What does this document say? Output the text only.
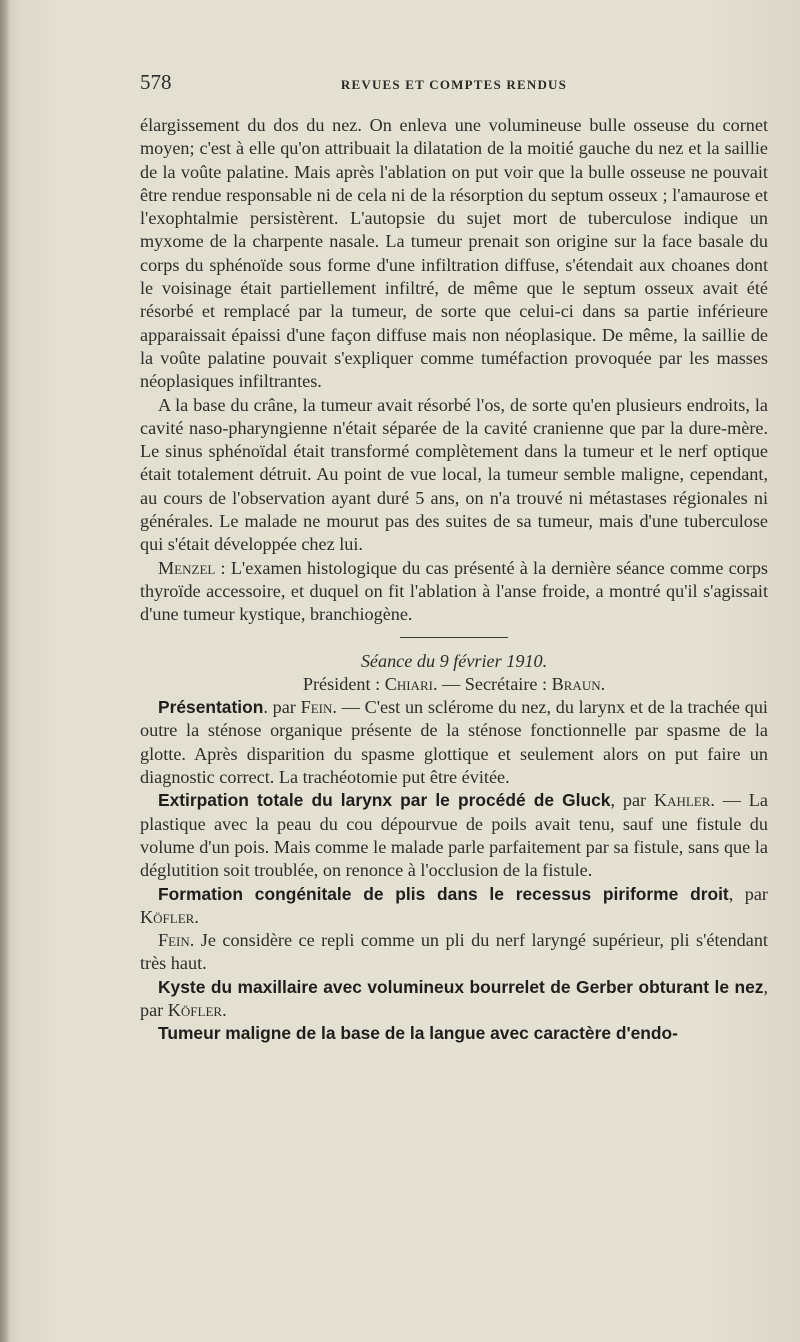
578	REVUES ET COMPTES RENDUS

élargissement du dos du nez. On enleva une volumineuse bulle osseuse du cornet moyen; c'est à elle qu'on attribuait la dilatation de la moitié gauche du nez et la saillie de la voûte palatine. Mais après l'ablation on put voir que la bulle osseuse ne pouvait être rendue responsable ni de cela ni de la résorption du septum osseux ; l'amaurose et l'exophtalmie persistèrent. L'autopsie du sujet mort de tuberculose indique un myxome de la charpente nasale. La tumeur prenait son origine sur la face basale du corps du sphénoïde sous forme d'une infiltration diffuse, s'étendait aux choanes dont le voisinage était partiellement infiltré, de même que le septum osseux avait été résorbé et remplacé par la tumeur, de sorte que celui-ci dans sa partie inférieure apparaissait épaissi d'une façon diffuse mais non néoplasique. De même, la saillie de la voûte palatine pouvait s'expliquer comme tuméfaction provoquée par les masses néoplasiques infiltrantes.

A la base du crâne, la tumeur avait résorbé l'os, de sorte qu'en plusieurs endroits, la cavité naso-pharyngienne n'était séparée de la cavité cranienne que par la dure-mère. Le sinus sphénoïdal était transformé complètement dans la tumeur et le nerf optique était totalement détruit. Au point de vue local, la tumeur semble maligne, cependant, au cours de l'observation ayant duré 5 ans, on n'a trouvé ni métastases régionales ni générales. Le malade ne mourut pas des suites de sa tumeur, mais d'une tuberculose qui s'était développée chez lui.

Menzel : L'examen histologique du cas présenté à la dernière séance comme corps thyroïde accessoire, et duquel on fit l'ablation à l'anse froide, a montré qu'il s'agissait d'une tumeur kystique, branchiogène.

Séance du 9 février 1910.

Président : Chiari. — Secrétaire : Braun.

Présentation. par Fein. — C'est un sclérome du nez, du larynx et de la trachée qui outre la sténose organique présente de la sténose fonctionnelle par spasme de la glotte. Après disparition du spasme glottique et seulement alors on put faire un diagnostic correct. La trachéotomie put être évitée.

Extirpation totale du larynx par le procédé de Gluck, par Kahler. — La plastique avec la peau du cou dépourvue de poils avait tenu, sauf une fistule du volume d'un pois. Mais comme le malade parle parfaitement par sa fistule, sans que la déglutition soit troublée, on renonce à l'occlusion de la fistule.

Formation congénitale de plis dans le recessus piriforme droit, par Köfler.

Fein. Je considère ce repli comme un pli du nerf laryngé supérieur, pli s'étendant très haut.

Kyste du maxillaire avec volumineux bourrelet de Gerber obturant le nez, par Köfler.

Tumeur maligne de la base de la langue avec caractère d'endo-
